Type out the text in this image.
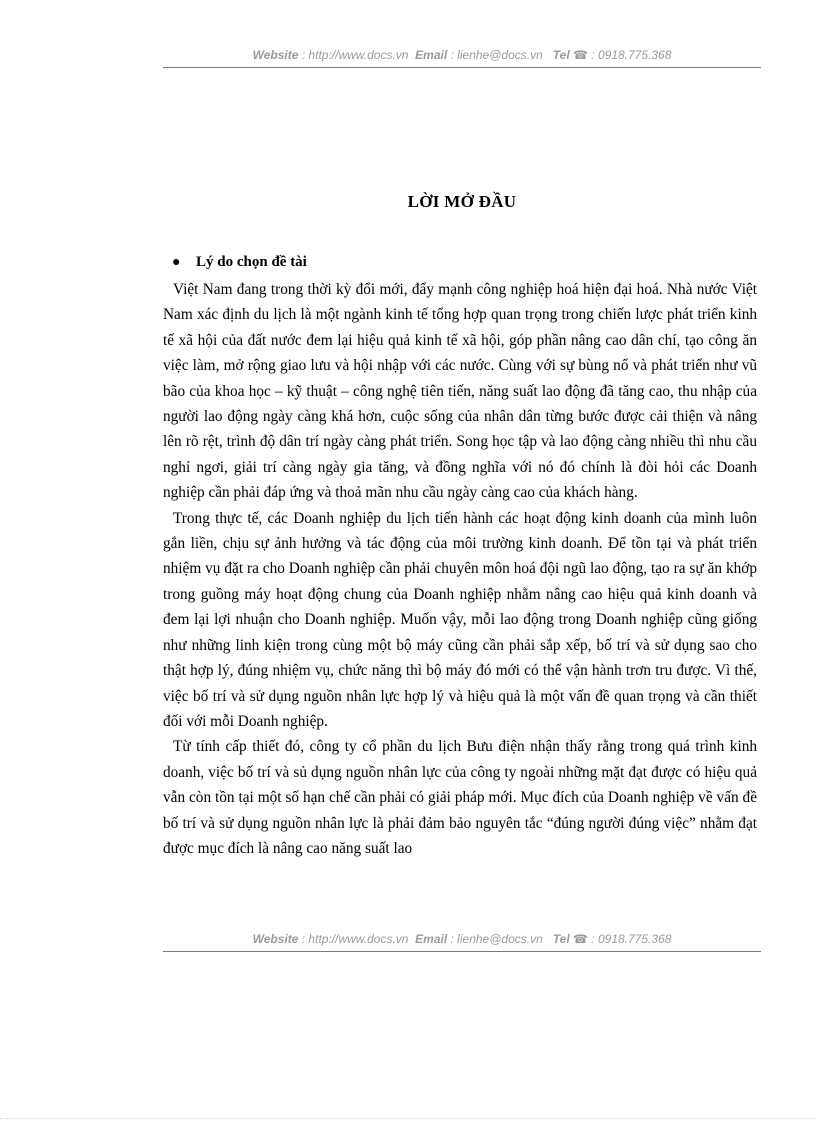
Website : http://www.docs.vn Email : lienhe@docs.vn Tel ☎ : 0918.775.368
LỜI MỞ ĐẦU
● Lý do chọn đề tài

Việt Nam đang trong thời kỳ đổi mới, đẩy mạnh công nghiệp hoá hiện đại hoá. Nhà nước Việt Nam xác định du lịch là một ngành kinh tế tổng hợp quan trọng trong chiến lược phát triển kinh tế xã hội của đất nước đem lại hiệu quả kinh tế xã hội, góp phần nâng cao dân chí, tạo công ăn việc làm, mở rộng giao lưu và hội nhập với các nước. Cùng với sự bùng nổ và phát triển như vũ bão của khoa học – kỹ thuật – công nghệ tiên tiến, năng suất lao động đã tăng cao, thu nhập của người lao động ngày càng khá hơn, cuộc sống của nhân dân từng bước được cải thiện và nâng lên rõ rệt, trình độ dân trí ngày càng phát triển. Song học tập và lao động càng nhiều thì nhu cầu nghỉ ngơi, giải trí càng ngày gia tăng, và đồng nghĩa với nó đó chính là đòi hỏi các Doanh nghiệp cần phải đáp ứng và thoả mãn nhu cầu ngày càng cao của khách hàng.

Trong thực tế, các Doanh nghiệp du lịch tiến hành các hoạt động kinh doanh của mình luôn gắn liền, chịu sự ảnh hưởng và tác động của môi trường kinh doanh. Để tồn tại và phát triển nhiệm vụ đặt ra cho Doanh nghiệp cần phải chuyên môn hoá đội ngũ lao động, tạo ra sự ăn khớp trong guồng máy hoạt động chung của Doanh nghiệp nhằm nâng cao hiệu quả kinh doanh và đem lại lợi nhuận cho Doanh nghiệp. Muốn vậy, mỗi lao động trong Doanh nghiệp cũng giống như những linh kiện trong cùng một bộ máy cũng cần phải sắp xếp, bố trí và sử dụng sao cho thật hợp lý, đúng nhiệm vụ, chức năng thì bộ máy đó mới có thể vận hành trơn tru được. Vì thế, việc bố trí và sử dụng nguồn nhân lực hợp lý và hiệu quả là một vấn đề quan trọng và cần thiết đối với mỗi Doanh nghiệp.

Từ tính cấp thiết đó, công ty cổ phần du lịch Bưu điện nhận thấy rằng trong quá trình kinh doanh, việc bố trí và sủ dụng nguồn nhân lực của công ty ngoài những mặt đạt được có hiệu quả vẫn còn tồn tại một số hạn chế cần phải có giải pháp mới. Mục đích của Doanh nghiệp về vấn đề bố trí và sử dụng nguồn nhân lực là phải đảm bảo nguyên tắc “đúng người đúng việc” nhằm đạt được mục đích là nâng cao năng suất lao

Website : http://www.docs.vn Email : lienhe@docs.vn Tel ☎ : 0918.775.368
